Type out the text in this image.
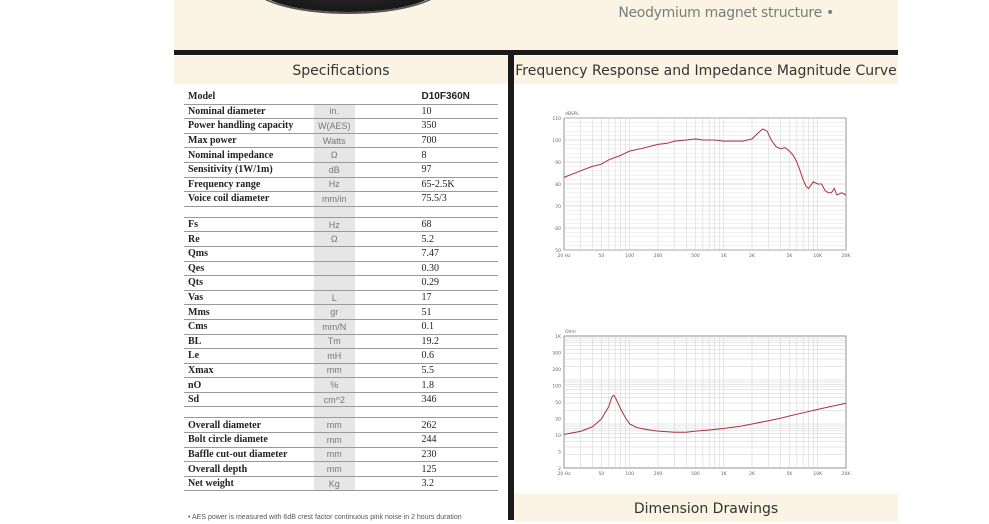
Neodymium magnet structure •
Specifications	Frequency Response and Impedance Magnitude Curve
Dimension Drawings
Model		D10F360N
Nominal diameter	in.	10
Power handling capacity	W(AES)	350
Max power	Watts	700
Nominal impedance	Ω	8
Sensitivity (1W/1m)	dB	97
Frequency range	Hz	65-2.5K
Voice coil diameter	mm/in	75.5/3

Fs	Hz	68
Re	Ω	5.2
Qms		7.47
Qes		0.30
Qts		0.29
Vas	L	17
Mms	gr	51
Cms	mm/N	0.1
BL	Tm	19.2
Le	mH	0.6
Xmax	mm	5.5
nO	%	1.8
Sd	cm^2	346

Overall diameter	mm	262
Bolt circle diamete	mm	244
Baffle cut-out diameter	mm	230
Overall depth	mm	125
Net weight	Kg	3.2
• AES power is measured with 6dB crest factor continuous pink noise in 2 hours duration
50
60
70
80
90
100
110
20 Hz	50	100	200	500	1K	2K	5K	10K	20K
dBSPL
1K
500
200
100
50
20
10
5
2
20 Hz	50	100	200	500	1K	2K	5K	10K	20K
Ohm
